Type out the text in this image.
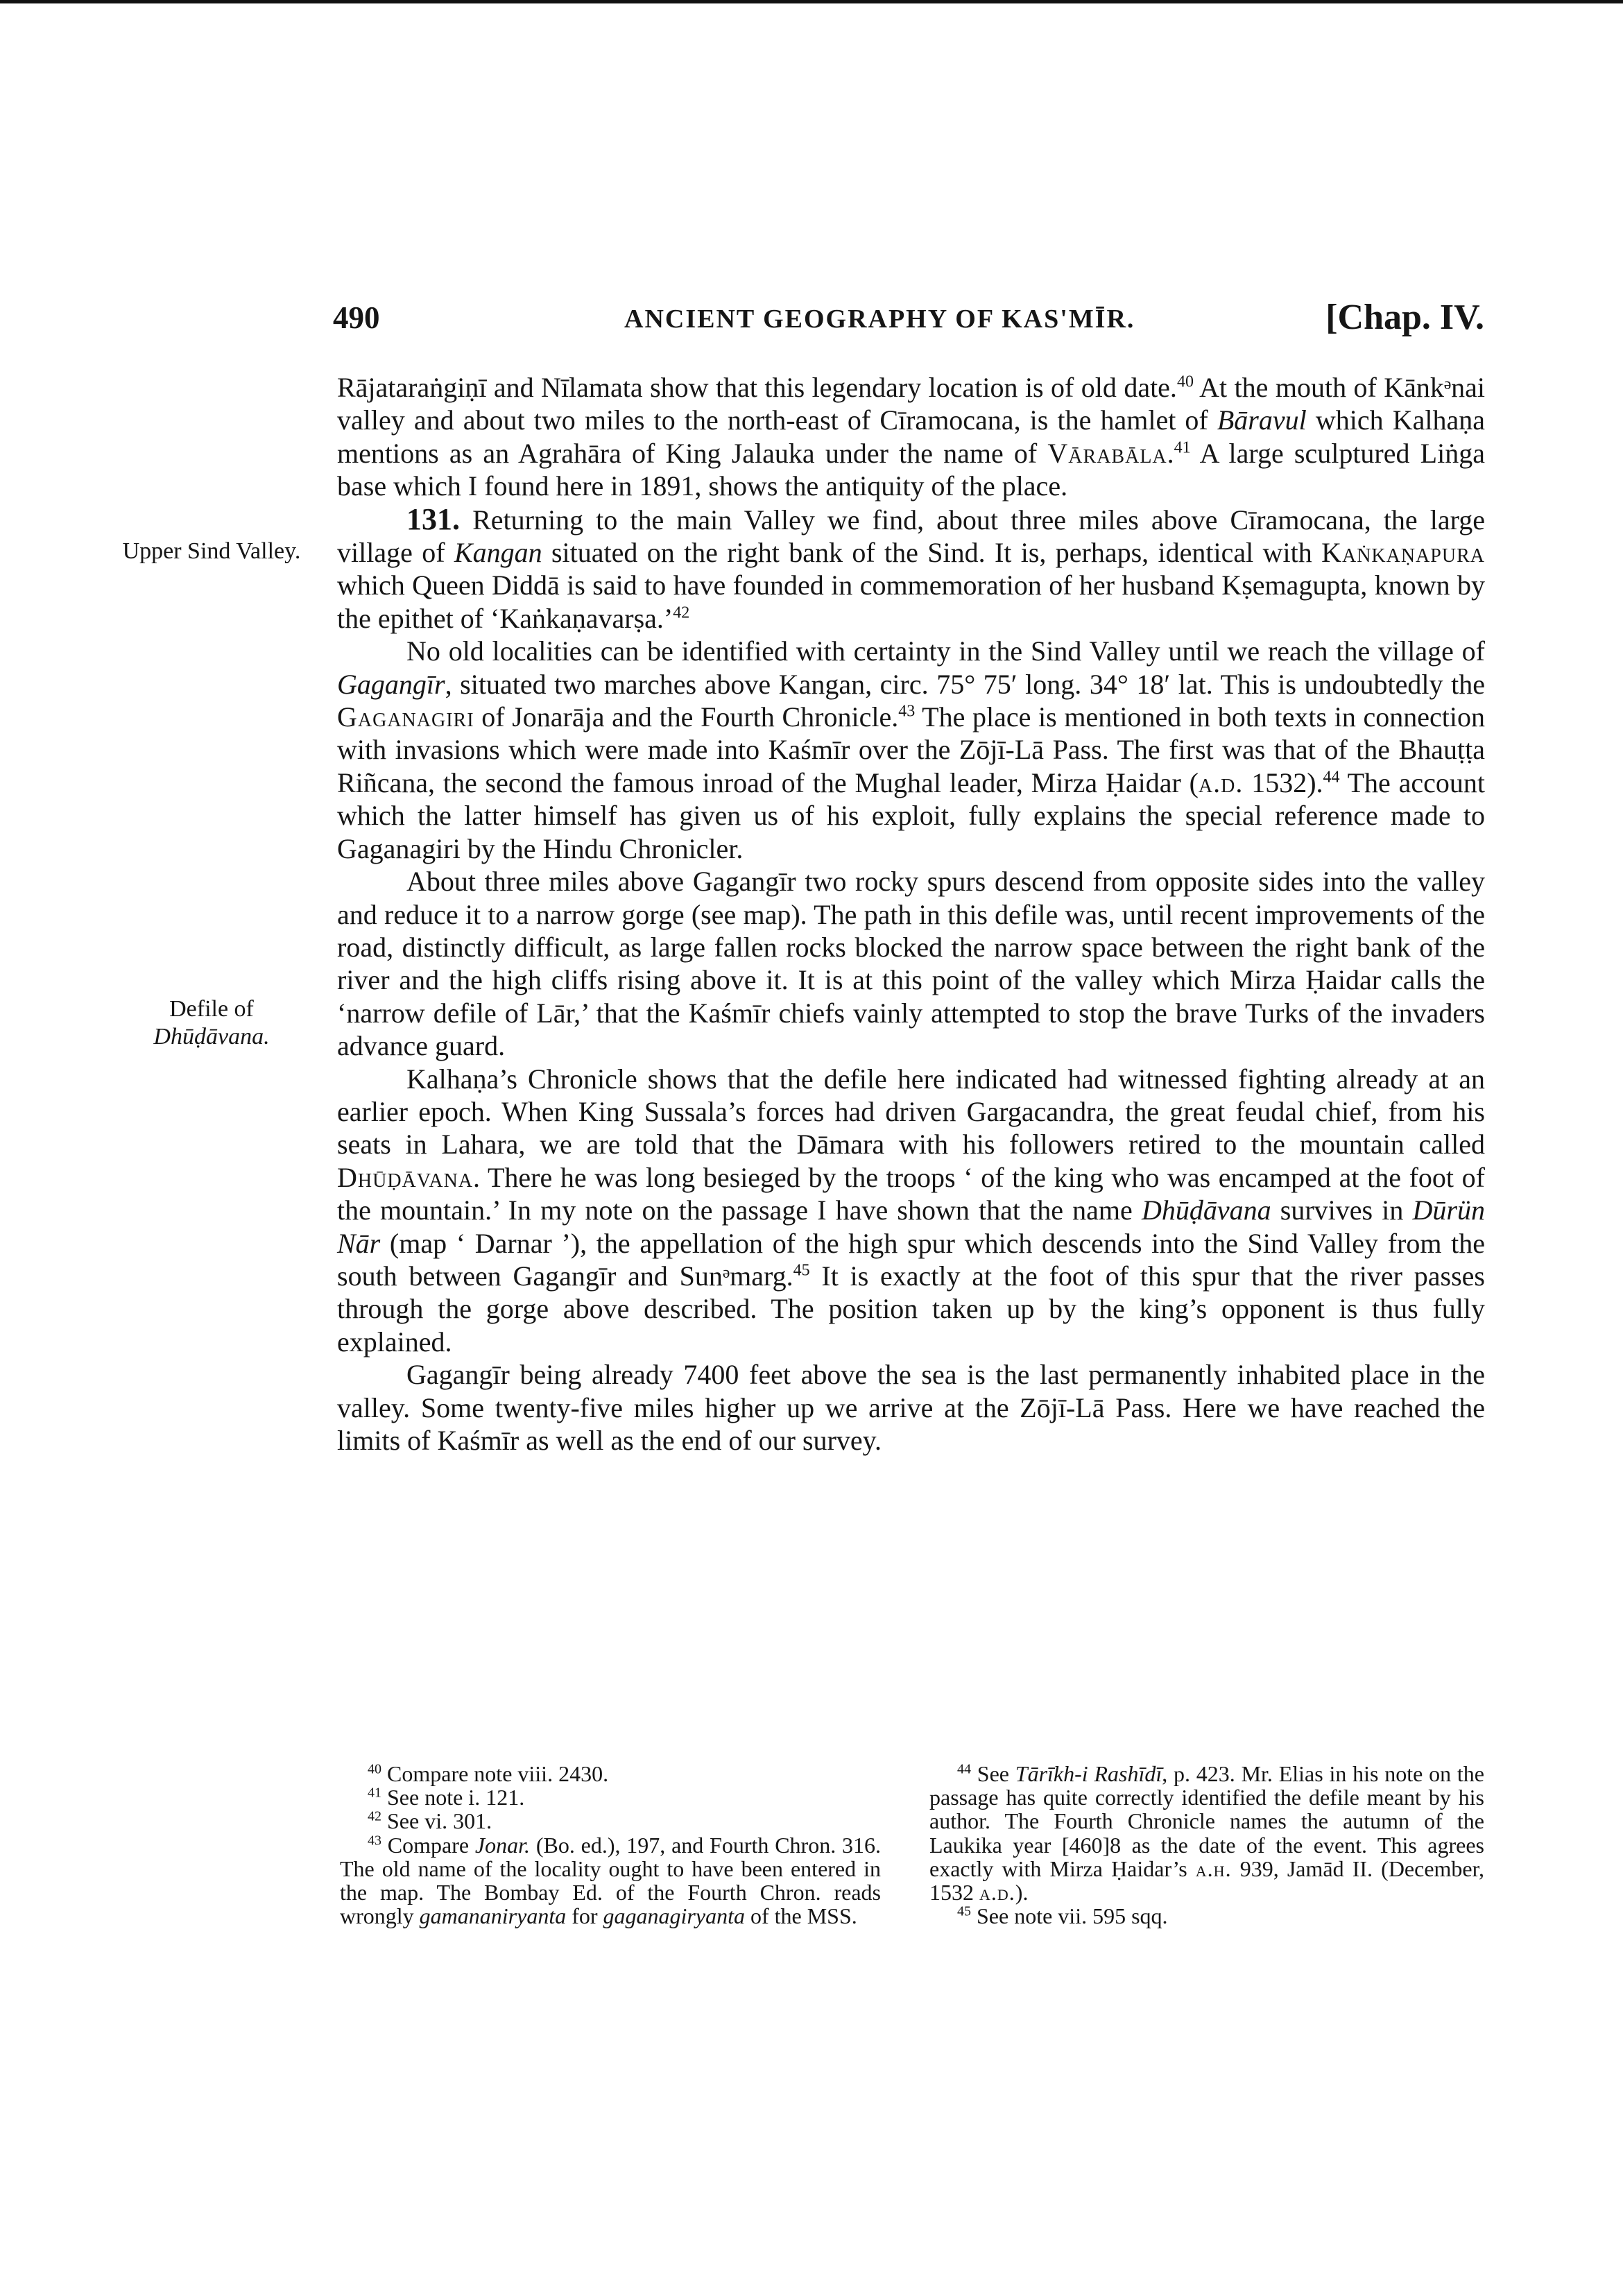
490	ANCIENT GEOGRAPHY OF KAS'MĪR.	[Chap. IV.
Upper Sind Valley.
Defile of
Dhūḍāvana.

Rājataraṅgiṇī and Nīlamata show that this legendary location is of old date.$^{40}$ At the mouth of Kānkᵊnai valley and about two miles to the north-east of Cīramocana, is the hamlet of Bāravul which Kalhaṇa mentions as an Agrahāra of King Jalauka under the name of Vārabāla.$^{41}$ A large sculptured Liṅga base which I found here in 1891, shows the antiquity of the place.

131. Returning to the main Valley we find, about three miles above Cīramocana, the large village of Kangan situated on the right bank of the Sind. It is, perhaps, identical with Kaṅkaṇapura which Queen Diddā is said to have founded in commemoration of her husband Kṣemagupta, known by the epithet of ‘Kaṅkaṇavarṣa.’$^{42}$

No old localities can be identified with certainty in the Sind Valley until we reach the village of Gagangīr, situated two marches above Kangan, circ. 75° 75′ long. 34° 18′ lat. This is undoubtedly the Gaganagiri of Jonarāja and the Fourth Chronicle.$^{43}$ The place is mentioned in both texts in connection with invasions which were made into Kaśmīr over the Zōjī-Lā Pass. The first was that of the Bhauṭṭa Riñcana, the second the famous inroad of the Mughal leader, Mirza Ḥaidar (a.d. 1532).$^{44}$ The account which the latter himself has given us of his exploit, fully explains the special reference made to Gaganagiri by the Hindu Chronicler.

About three miles above Gagangīr two rocky spurs descend from opposite sides into the valley and reduce it to a narrow gorge (see map). The path in this defile was, until recent improvements of the road, distinctly difficult, as large fallen rocks blocked the narrow space between the right bank of the river and the high cliffs rising above it. It is at this point of the valley which Mirza Ḥaidar calls the ‘narrow defile of Lār,’ that the Kaśmīr chiefs vainly attempted to stop the brave Turks of the invaders advance guard.

Kalhaṇa’s Chronicle shows that the defile here indicated had witnessed fighting already at an earlier epoch. When King Sussala’s forces had driven Gargacandra, the great feudal chief, from his seats in Lahara, we are told that the Dāmara with his followers retired to the mountain called Dhūḍāvana. There he was long besieged by the troops ‘ of the king who was encamped at the foot of the mountain.’ In my note on the passage I have shown that the name Dhūḍāvana survives in Dūrün Nār (map ‘ Darnar ’), the appellation of the high spur which descends into the Sind Valley from the south between Gagangīr and Sunᵊmarg.$^{45}$ It is exactly at the foot of this spur that the river passes through the gorge above described. The position taken up by the king’s opponent is thus fully explained.

Gagangīr being already 7400 feet above the sea is the last permanently inhabited place in the valley. Some twenty-five miles higher up we arrive at the Zōjī-Lā Pass. Here we have reached the limits of Kaśmīr as well as the end of our survey.

$^{40}$ Compare note viii. 2430.

$^{41}$ See note i. 121.

$^{42}$ See vi. 301.

$^{43}$ Compare Jonar. (Bo. ed.), 197, and Fourth Chron. 316. The old name of the locality ought to have been entered in the map. The Bombay Ed. of the Fourth Chron. reads wrongly gamananiryanta for gaganagiryanta of the MSS.

$^{44}$ See Tārīkh-i Rashīdī, p. 423. Mr. Elias in his note on the passage has quite correctly identified the defile meant by his author. The Fourth Chronicle names the autumn of the Laukika year [460]8 as the date of the event. This agrees exactly with Mirza Ḥaidar’s a.h. 939, Jamād II. (December, 1532 a.d.).

$^{45}$ See note vii. 595 sqq.
